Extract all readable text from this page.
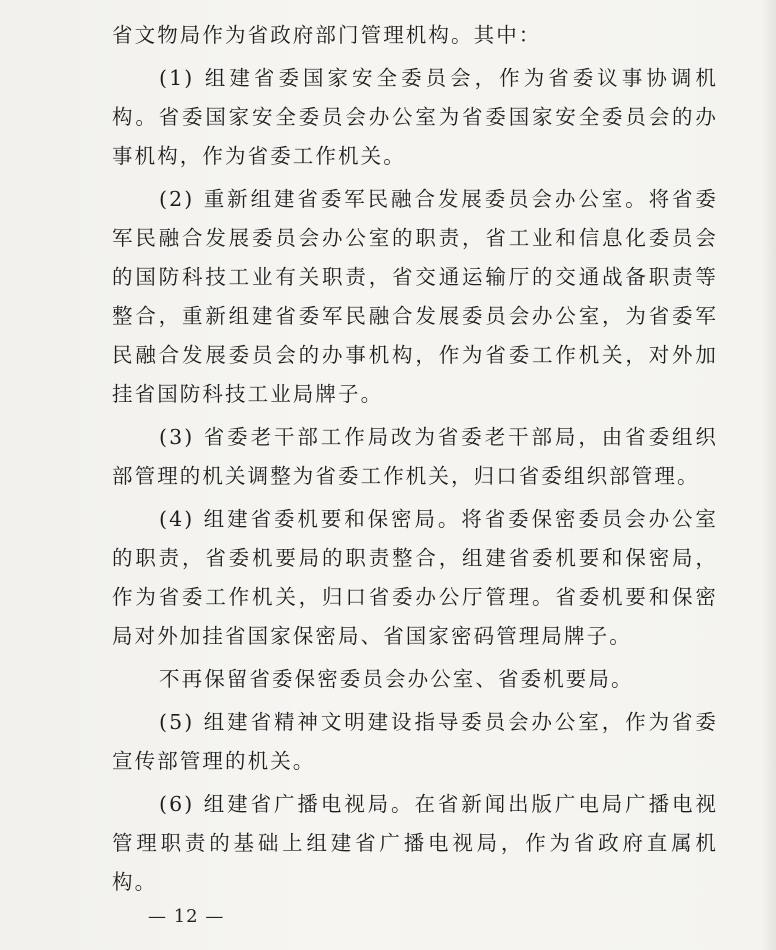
省文物局作为省政府部门管理机构。其中：

(1) 组建省委国家安全委员会，作为省委议事协调机构。省委国家安全委员会办公室为省委国家安全委员会的办事机构，作为省委工作机关。

(2) 重新组建省委军民融合发展委员会办公室。将省委军民融合发展委员会办公室的职责，省工业和信息化委员会的国防科技工业有关职责，省交通运输厅的交通战备职责等整合，重新组建省委军民融合发展委员会办公室，为省委军民融合发展委员会的办事机构，作为省委工作机关，对外加挂省国防科技工业局牌子。

(3) 省委老干部工作局改为省委老干部局，由省委组织部管理的机关调整为省委工作机关，归口省委组织部管理。

(4) 组建省委机要和保密局。将省委保密委员会办公室的职责，省委机要局的职责整合，组建省委机要和保密局，作为省委工作机关，归口省委办公厅管理。省委机要和保密局对外加挂省国家保密局、省国家密码管理局牌子。

不再保留省委保密委员会办公室、省委机要局。

(5) 组建省精神文明建设指导委员会办公室，作为省委宣传部管理的机关。

(6) 组建省广播电视局。在省新闻出版广电局广播电视管理职责的基础上组建省广播电视局，作为省政府直属机构。

— 12 —
